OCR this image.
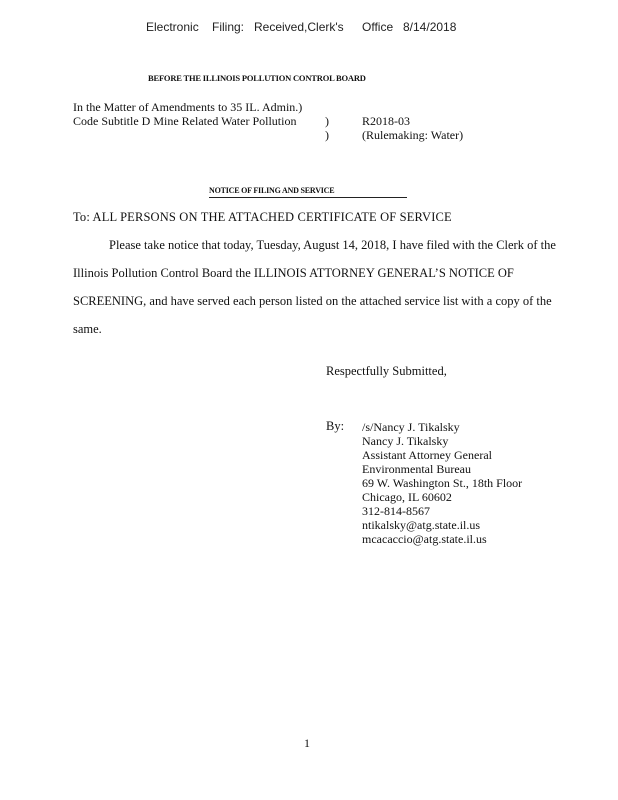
Electronic Filing: Received,Clerk's Office 8/14/2018
BEFORE THE ILLINOIS POLLUTION CONTROL BOARD
In the Matter of Amendments to 35 IL. Admin.)
Code Subtitle D Mine Related Water Pollution )
)
R2018-03
(Rulemaking: Water)
NOTICE OF FILING AND SERVICE
To: ALL PERSONS ON THE ATTACHED CERTIFICATE OF SERVICE
Please take notice that today, Tuesday, August 14, 2018, I have filed with the Clerk of the
Illinois Pollution Control Board the ILLINOIS ATTORNEY GENERAL’S NOTICE OF
SCREENING, and have served each person listed on the attached service list with a copy of the
same.
Respectfully Submitted,
By: /s/Nancy J. Tikalsky
Nancy J. Tikalsky
Assistant Attorney General
Environmental Bureau
69 W. Washington St., 18th Floor
Chicago, IL 60602
312-814-8567
ntikalsky@atg.state.il.us
mcacaccio@atg.state.il.us
1
